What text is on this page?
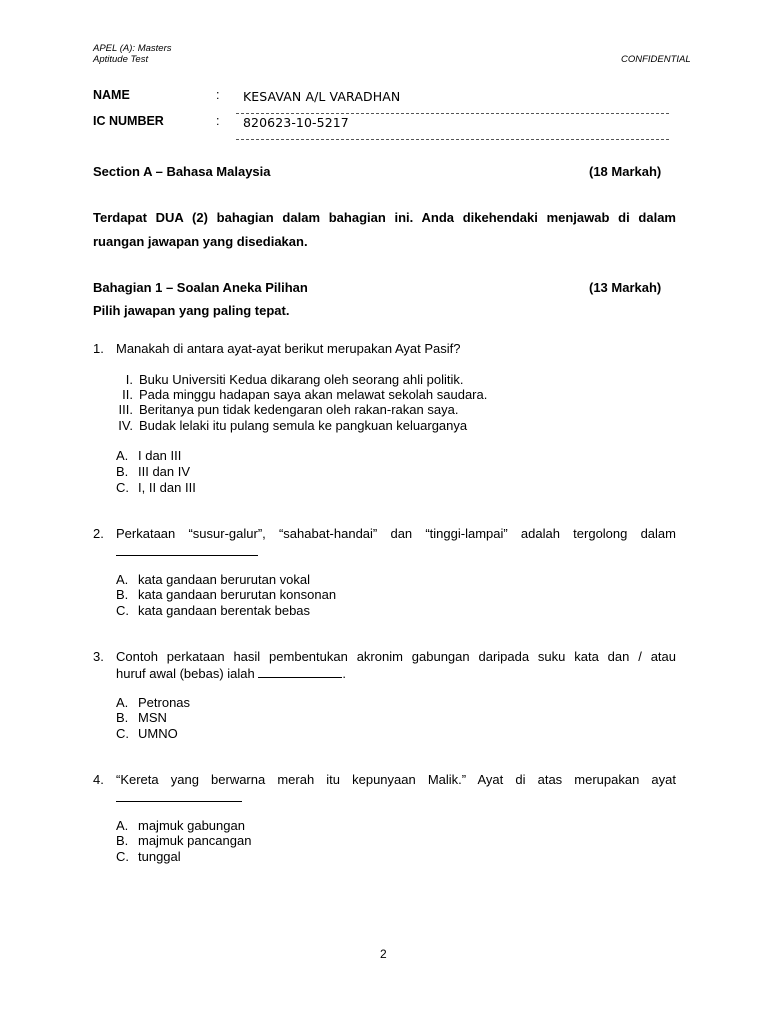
APEL (A): Masters
Aptitude Test	CONFIDENTIAL
NAME	: KESAVAN A/L VARADHAN
IC NUMBER	: 820623-10-5217
Section A – Bahasa Malaysia	(18 Markah)
Terdapat DUA (2) bahagian dalam bahagian ini. Anda dikehendaki menjawab di dalam
ruangan jawapan yang disediakan.
Bahagian 1 – Soalan Aneka Pilihan	(13 Markah)
Pilih jawapan yang paling tepat.
1. Manakah di antara ayat-ayat berikut merupakan Ayat Pasif?
I. Buku Universiti Kedua dikarang oleh seorang ahli politik.
II. Pada minggu hadapan saya akan melawat sekolah saudara.
III. Beritanya pun tidak kedengaran oleh rakan-rakan saya.
IV. Budak lelaki itu pulang semula ke pangkuan keluarganya
A. I dan III
B. III dan IV
C. I, II dan III
2. Perkataan “susur-galur”, “sahabat-handai” dan “tinggi-lampai” adalah tergolong dalam
A. kata gandaan berurutan vokal
B. kata gandaan berurutan konsonan
C. kata gandaan berentak bebas
3. Contoh perkataan hasil pembentukan akronim gabungan daripada suku kata dan / atau
huruf awal (bebas) ialah	.
A. Petronas
B. MSN
C. UMNO
4. “Kereta yang berwarna merah itu kepunyaan Malik.” Ayat di atas merupakan ayat
A. majmuk gabungan
B. majmuk pancangan
C. tunggal
2
